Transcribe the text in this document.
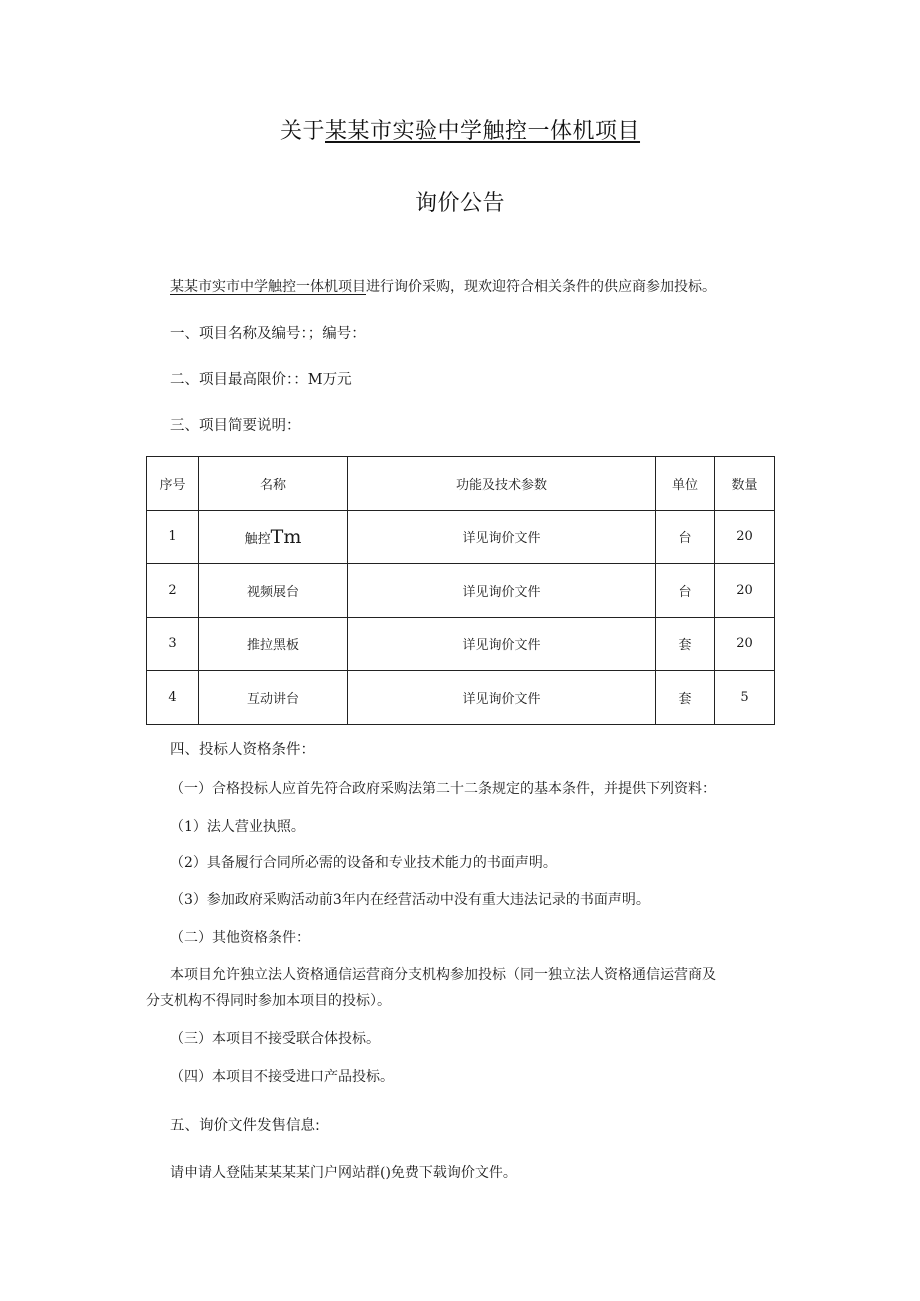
关于某某市实验中学触控一体机项目
询价公告

某某市实市中学触控一体机项目进行询价采购，现欢迎符合相关条件的供应商参加投标。

一、项目名称及编号：；编号：

二、项目最高限价：：M万元

三、项目简要说明：

序号	名称	功能及技术参数	单位	数量
1	触控Tm	详见询价文件	台	20
2	视频展台	详见询价文件	台	20
3	推拉黑板	详见询价文件	套	20
4	互动讲台	详见询价文件	套	5

四、投标人资格条件：

（一）合格投标人应首先符合政府采购法第二十二条规定的基本条件，并提供下列资料：

（1）法人营业执照。

（2）具备履行合同所必需的设备和专业技术能力的书面声明。

（3）参加政府采购活动前3年内在经营活动中没有重大违法记录的书面声明。

（二）其他资格条件：

本项目允许独立法人资格通信运营商分支机构参加投标（同一独立法人资格通信运营商及

分支机构不得同时参加本项目的投标）。

（三）本项目不接受联合体投标。

（四）本项目不接受进口产品投标。

五、询价文件发售信息:

请申请人登陆某某某某门户网站群()免费下载询价文件。
